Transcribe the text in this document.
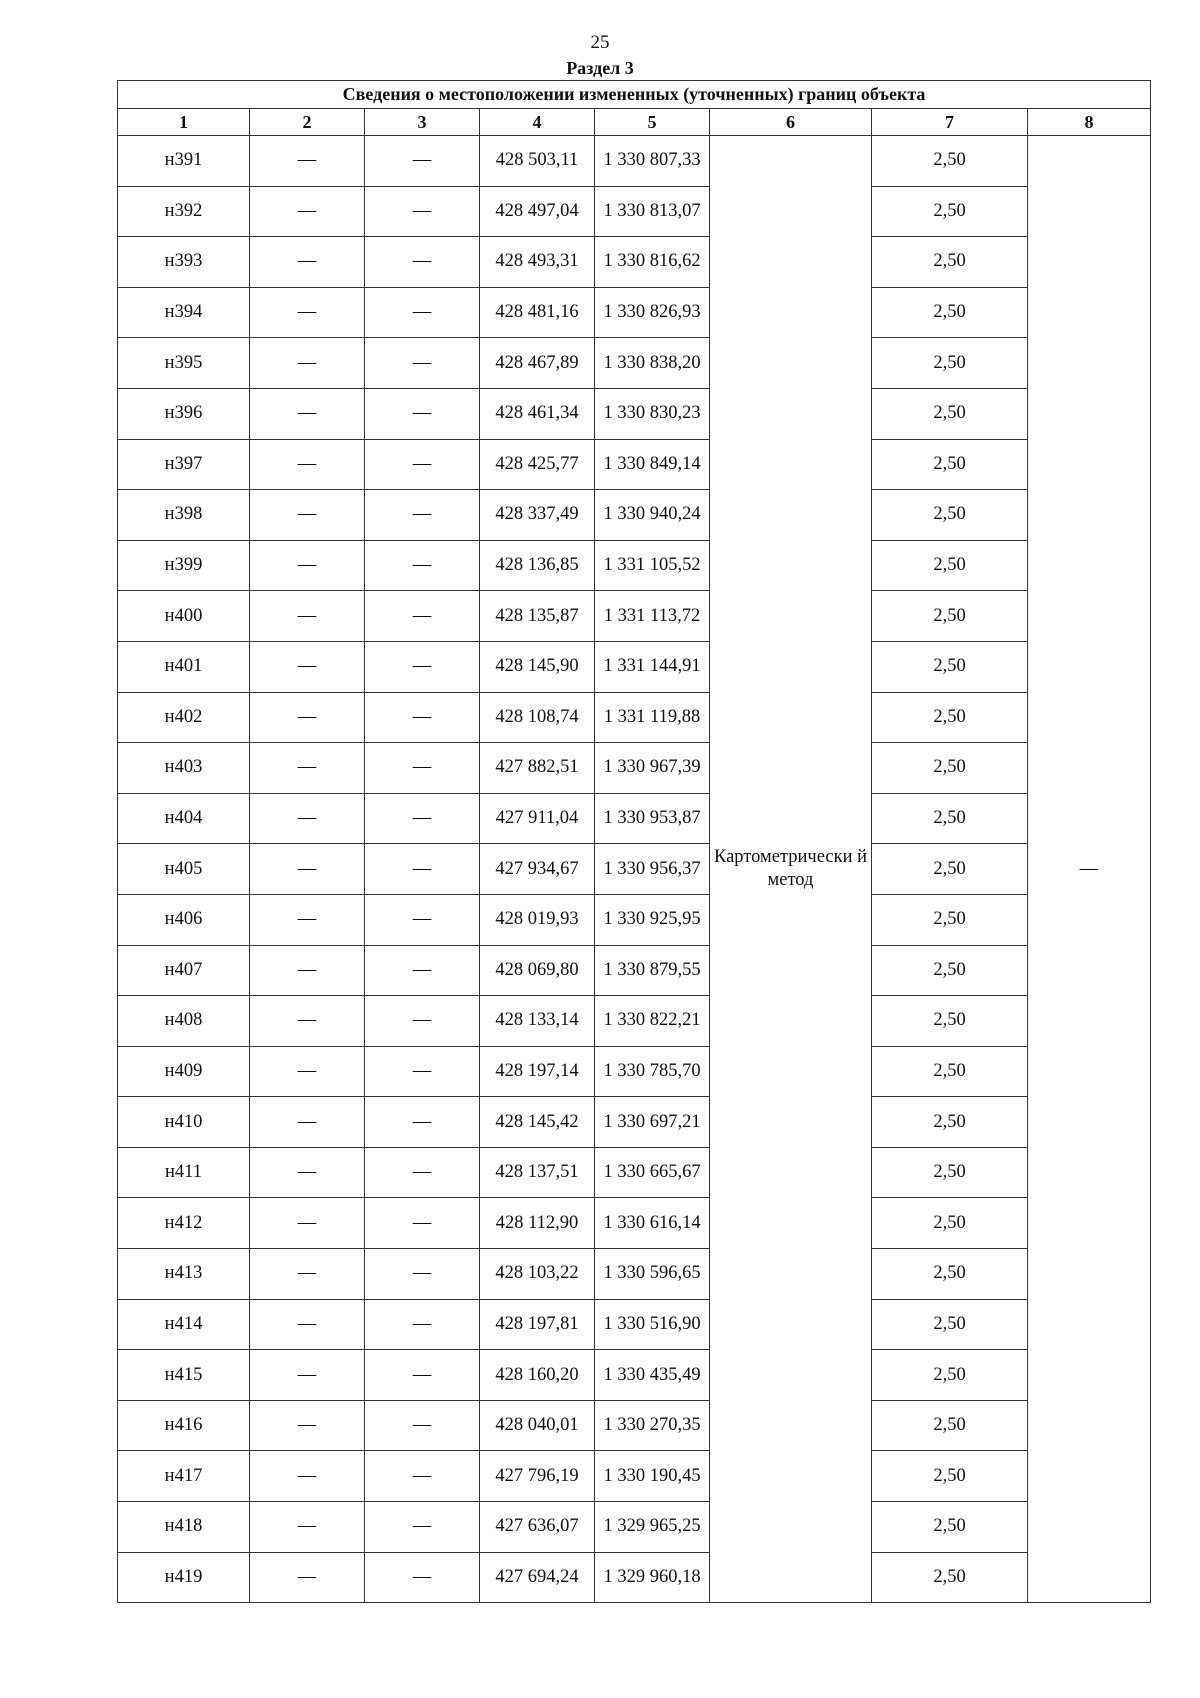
25
Раздел 3
Сведения о местоположении измененных (уточненных) границ объекта							
1	2	3	4	5	6	7	8
н391	—	—	428 503,11	1 330 807,33	Картометрически й метод	2,50	—
н392	—	—	428 497,04	1 330 813,07		2,50	
н393	—	—	428 493,31	1 330 816,62		2,50	
н394	—	—	428 481,16	1 330 826,93		2,50	
н395	—	—	428 467,89	1 330 838,20		2,50	
н396	—	—	428 461,34	1 330 830,23		2,50	
н397	—	—	428 425,77	1 330 849,14		2,50	
н398	—	—	428 337,49	1 330 940,24		2,50	
н399	—	—	428 136,85	1 331 105,52		2,50	
н400	—	—	428 135,87	1 331 113,72		2,50	
н401	—	—	428 145,90	1 331 144,91		2,50	
н402	—	—	428 108,74	1 331 119,88		2,50	
н403	—	—	427 882,51	1 330 967,39		2,50	
н404	—	—	427 911,04	1 330 953,87		2,50	
н405	—	—	427 934,67	1 330 956,37		2,50	
н406	—	—	428 019,93	1 330 925,95		2,50	
н407	—	—	428 069,80	1 330 879,55		2,50	
н408	—	—	428 133,14	1 330 822,21		2,50	
н409	—	—	428 197,14	1 330 785,70		2,50	
н410	—	—	428 145,42	1 330 697,21		2,50	
н411	—	—	428 137,51	1 330 665,67		2,50	
н412	—	—	428 112,90	1 330 616,14		2,50	
н413	—	—	428 103,22	1 330 596,65		2,50	
н414	—	—	428 197,81	1 330 516,90		2,50	
н415	—	—	428 160,20	1 330 435,49		2,50	
н416	—	—	428 040,01	1 330 270,35		2,50	
н417	—	—	427 796,19	1 330 190,45		2,50	
н418	—	—	427 636,07	1 329 965,25		2,50	
н419	—	—	427 694,24	1 329 960,18		2,50	
